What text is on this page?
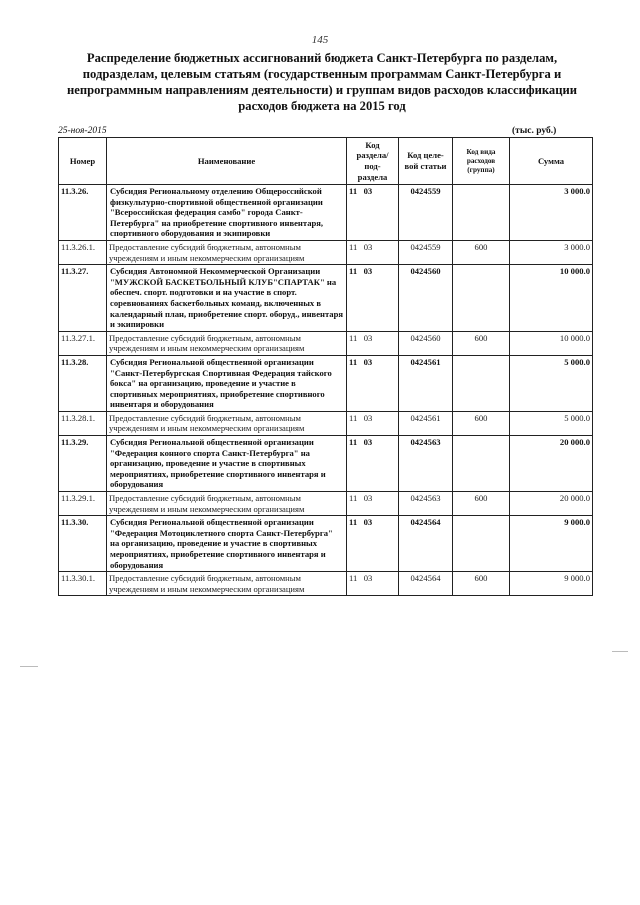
145
Распределение бюджетных ассигнований бюджета Санкт-Петербурга по разделам, подразделам, целевым статьям (государственным программам Санкт-Петербурга и непрограммным направлениям деятельности) и группам видов расходов классификации расходов бюджета на 2015 год
25-ноя-2015	(тыс. руб.)
Номер	Наименование	Код раздела/ под- раздела	Код целе- вой статьи	Код вида расходов (группа)	Сумма
11.3.26.	Субсидия Региональному отделению Общероссийской физкультурно-спортивной общественной организации "Всероссийская федерация самбо" города Санкт-Петербурга" на приобретение спортивного инвентаря, спортивного оборудования и экипировки	11   03	0424559		3 000.0
11.3.26.1.	Предоставление субсидий бюджетным, автономным учреждениям и иным некоммерческим организациям	11   03	0424559	600	3 000.0
11.3.27.	Субсидия Автономной Некоммерческой Организации "МУЖСКОЙ БАСКЕТБОЛЬНЫЙ КЛУБ"СПАРТАК" на обеспеч. спорт. подготовки и на участие в спорт. соревнованиях баскетбольных команд, включенных в календарный план, приобретение спорт. оборуд., инвентаря и экипировки	11   03	0424560		10 000.0
11.3.27.1.	Предоставление субсидий бюджетным, автономным учреждениям и иным некоммерческим организациям	11   03	0424560	600	10 000.0
11.3.28.	Субсидия Региональной общественной организации "Санкт-Петербургская Спортивная Федерация тайского бокса" на организацию, проведение и участие в спортивных мероприятиях, приобретение спортивного инвентаря и оборудования	11   03	0424561		5 000.0
11.3.28.1.	Предоставление субсидий бюджетным, автономным учреждениям и иным некоммерческим организациям	11   03	0424561	600	5 000.0
11.3.29.	Субсидия Региональной общественной организации "Федерация конного спорта Санкт-Петербурга" на организацию, проведение и участие в спортивных мероприятиях, приобретение спортивного инвентаря и оборудования	11   03	0424563		20 000.0
11.3.29.1.	Предоставление субсидий бюджетным, автономным учреждениям и иным некоммерческим организациям	11   03	0424563	600	20 000.0
11.3.30.	Субсидия Региональной общественной организации "Федерация Мотоциклетного спорта Санкт-Петербурга" на организацию, проведение и участие в спортивных мероприятиях, приобретение спортивного инвентаря и оборудования	11   03	0424564		9 000.0
11.3.30.1.	Предоставление субсидий бюджетным, автономным учреждениям и иным некоммерческим организациям	11   03	0424564	600	9 000.0
